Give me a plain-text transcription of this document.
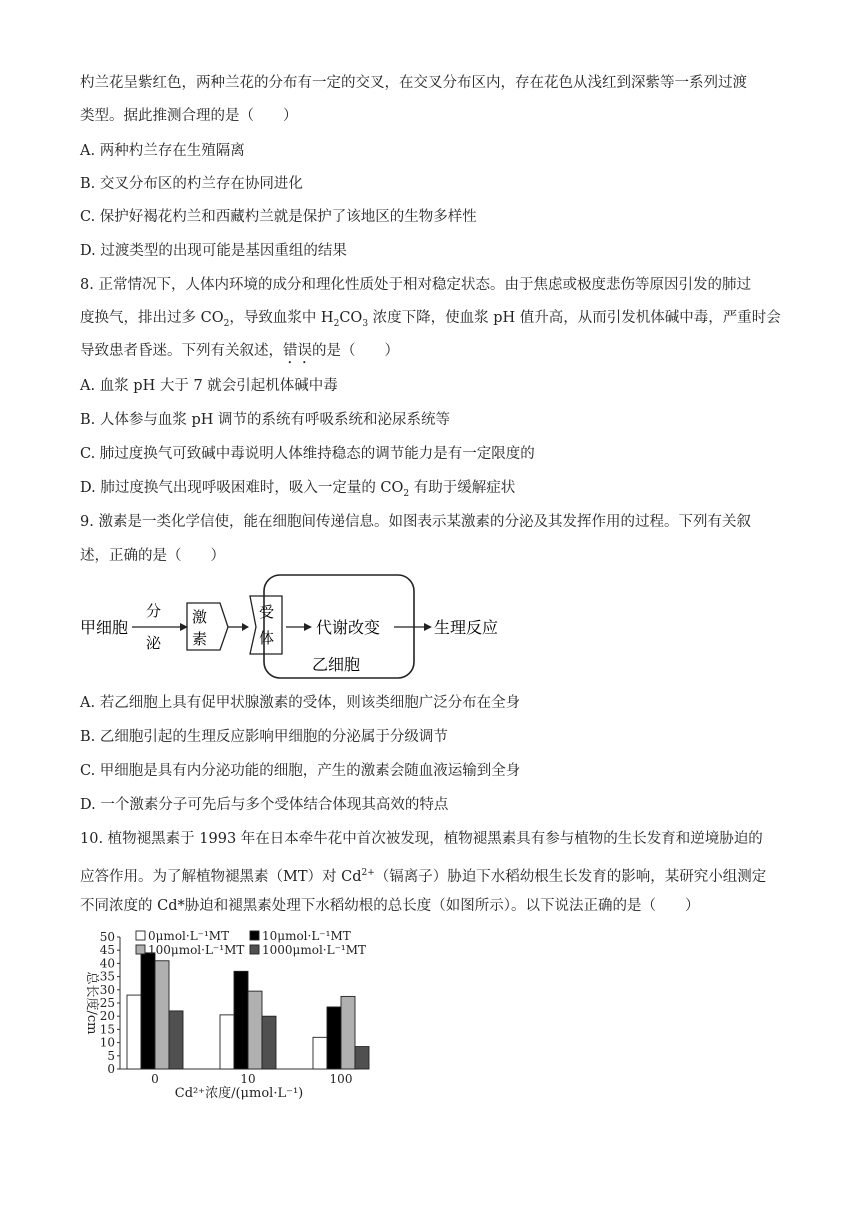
杓兰花呈紫红色，两种兰花的分布有一定的交叉，在交叉分布区内，存在花色从浅红到深紫等一系列过渡
类型。据此推测合理的是（　　）
A. 两种杓兰存在生殖隔离
B. 交叉分布区的杓兰存在协同进化
C. 保护好褐花杓兰和西藏杓兰就是保护了该地区的生物多样性
D. 过渡类型的出现可能是基因重组的结果
8. 正常情况下，人体内环境的成分和理化性质处于相对稳定状态。由于焦虑或极度悲伤等原因引发的肺过
度换气，排出过多 $CO_2$，导致血浆中 $H_2CO_3$ 浓度下降，使血浆 pH 值升高，从而引发机体碱中毒，严重时会
导致患者昏迷。下列有关叙述，错误的是（　　）
A. 血浆 pH 大于 7 就会引起机体碱中毒
B. 人体参与血浆 pH 调节的系统有呼吸系统和泌尿系统等
C. 肺过度换气可致碱中毒说明人体维持稳态的调节能力是有一定限度的
D. 肺过度换气出现呼吸困难时，吸入一定量的 $CO_2$ 有助于缓解症状
9. 激素是一类化学信使，能在细胞间传递信息。如图表示某激素的分泌及其发挥作用的过程。下列有关叙
述，正确的是（　　）
甲细胞
分
泌
激
素
受
体
代谢改变	生理反应
乙细胞
A. 若乙细胞上具有促甲状腺激素的受体，则该类细胞广泛分布在全身
B. 乙细胞引起的生理反应影响甲细胞的分泌属于分级调节
C. 甲细胞是具有内分泌功能的细胞，产生的激素会随血液运输到全身
D. 一个激素分子可先后与多个受体结合体现其高效的特点
10. 植物褪黑素于 1993 年在日本牵牛花中首次被发现，植物褪黑素具有参与植物的生长发育和逆境胁迫的
应答作用。为了解植物褪黑素（MT）对 $Cd^{2+}$（镉离子）胁迫下水稻幼根生长发育的影响，某研究小组测定
不同浓度的 Cd*胁迫和褪黑素处理下水稻幼根的总长度（如图所示）。以下说法正确的是（　　）
0
5
10
15
20
25
30
35
40
45
50
总长度/cm
0	10	100
Cd²⁺浓度/(μmol·L⁻¹)
0μmol·L⁻¹MT	10μmol·L⁻¹MT
100μmol·L⁻¹MT 1000μmol·L⁻¹MT
